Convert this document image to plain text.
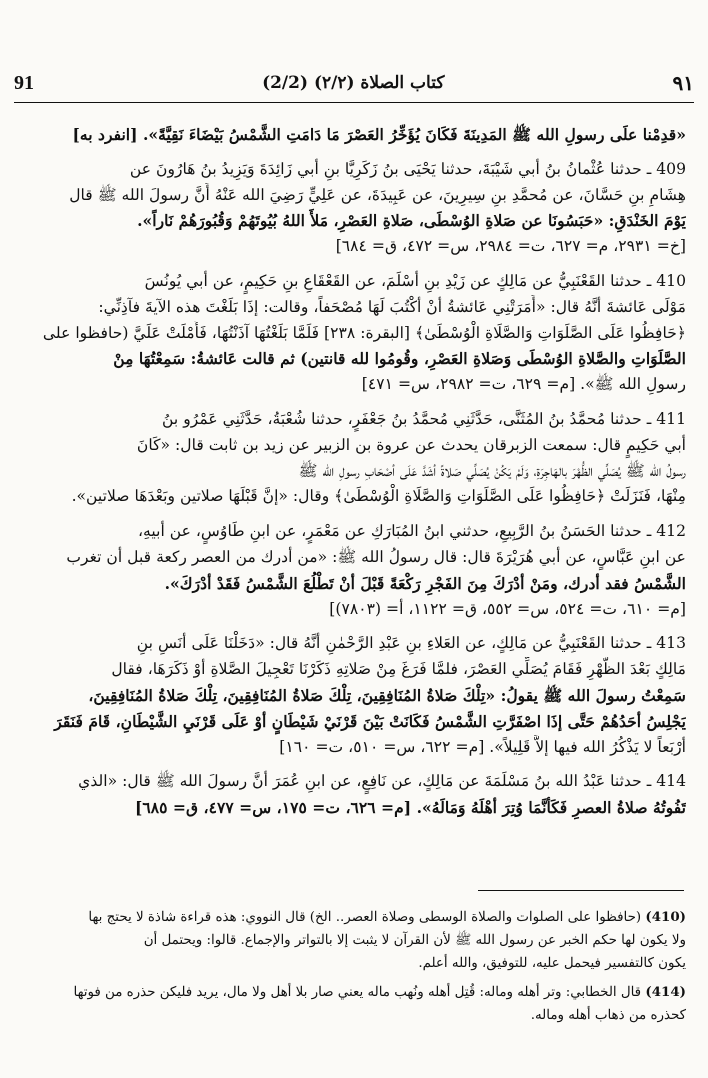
91	(2/2) كتاب الصلاة (٢/٢)	٩١
«قدِمْنا علَى رسولِ الله ﷺ المَدِينَةَ فَكَانَ يُؤَخِّرُ العَصْرَ مَا دَامَتِ الشَّمْسُ بَيْضَاءَ نَقِيَّةً». [انفرد به]
409 ـ حدثنا عُثْمانُ بنُ أبي شَيْبَةَ، حدثنا يَحْيَى بنُ زَكَرِيَّا بنِ أبي زَائِدَةَ وَيَزِيدُ بنُ هَارُونَ عن
هِشَامِ بنِ حَسَّانَ، عن مُحمَّدِ بنِ سِيرِينَ، عن عَبِيدَةَ، عن عَلِيٍّ رَضِيَ الله عَنْهُ أَنَّ رسولَ الله ﷺ قال
يَوْمَ الخَنْدَقِ: «حَبَسُونَا عن صَلاةِ الوُسْطَى، صَلاةِ العَصْرِ، مَلأَ اللهُ بُيُوتَهُمْ وَقُبُورَهُمْ نَاراً».
[خ= ٢٩٣١، م= ٦٢٧، ت= ٢٩٨٤، س= ٤٧٢، ق= ٦٨٤]
410 ـ حدثنا القَعْنَبِيُّ عن مَالِكٍ عن زَيْدِ بنِ أسْلَمَ، عن القَعْقَاعِ بنِ حَكِيمٍ، عن أبي يُونُسَ
مَوْلَى عَائشةَ أنَّهُ قال: «أَمَرَتْنِي عَائشةُ أنْ أكْتُبَ لَهَا مُصْحَفاً، وقالت: إذَا بَلَغْتَ هذه الآيةَ فآذِنِّي:
﴿حَافِظُوا عَلَى الصَّلَوَاتِ وَالصَّلَاةِ الْوُسْطَىٰ﴾ [البقرة: ٢٣٨] فَلَمَّا بَلَغْتُهَا آذَنْتُهَا، فَأَمْلَتْ عَلَيَّ (حافظوا على
الصَّلَوَاتِ والصَّلاةِ الوُسْطَى وَصَلاةِ العَصْرِ، وقُومُوا لله قانتين) ثم قالت عَائشةُ: سَمِعْتُهَا مِنْ
رسولِ الله ﷺ». [م= ٦٢٩، ت= ٢٩٨٢، س= ٤٧١]
411 ـ حدثنا مُحمَّدُ بنُ المُثَنَّى، حَدَّثَنِي مُحمَّدُ بنُ جَعْفَرٍ، حدثنا شُعْبَةُ، حَدَّثَنِي عَمْرُو بنُ
أبي حَكِيمٍ قال: سمعت الزبرقان يحدث عن عروة بن الزبير عن زيد بن ثابت قال: «كَانَ
رسولُ الله ﷺ يُصَلِّي الظُّهْرَ بالهَاجِرَةِ، وَلَمْ يَكُنْ يُصَلِّي صَلاةً أشَدَّ عَلَى أصْحَابِ رسولِ الله ﷺ
مِنْهَا، فَنَزَلَتْ ﴿حَافِظُوا عَلَى الصَّلَوَاتِ وَالصَّلَاةِ الْوُسْطَىٰ﴾ وقال: «إنَّ قَبْلَهَا صلاتين وبَعْدَهَا صلاتين».
412 ـ حدثنا الحَسَنُ بنُ الرَّبِيعِ، حدثني ابنُ المُبَارَكِ عن مَعْمَرٍ، عن ابنِ طَاوُسٍ، عن أبيهِ،
عن ابنِ عَبَّاسٍ، عن أبي هُرَيْرَةَ قال: قال رسولُ الله ﷺ: «من أدرك من العصر ركعة قبل أن تغرب
الشَّمْسُ فقد أدرك، ومَنْ أدْرَكَ مِنَ الفَجْرِ رَكْعَةً قَبْلَ أنْ تَطْلُعَ الشَّمْسُ فَقَدْ أدْرَكَ».
[م= ٦١٠، ت= ٥٢٤، س= ٥٥٢، ق= ١١٢٢، أ= (٧٨٠٣)]
413 ـ حدثنا القَعْنَبِيُّ عن مَالِكٍ، عن العَلاءِ بنِ عَبْدِ الرَّحْمٰنِ أنَّهُ قال: «دَخَلْنَا عَلَى أنَسِ بنِ
مَالِكٍ بَعْدَ الظُّهْرِ فَقَامَ يُصَلِّي العَصْرَ، فلمَّا فَرَغَ مِنْ صَلاتِهِ ذَكَرْنَا تَعْجِيلَ الصَّلاةِ أوْ ذَكَرَهَا، فقال
سَمِعْتُ رسولَ الله ﷺ يقولُ: «تِلْكَ صَلاةُ المُنَافِقِينَ، تِلْكَ صَلاةُ المُنَافِقِينَ، تِلْكَ صَلاةُ المُنَافِقِينَ،
يَجْلِسُ أحَدُهُمْ حَتَّى إذَا اصْفَرَّتِ الشَّمْسُ فَكَانَتْ بَيْنَ قَرْنَيْ شَيْطَانٍ أوْ عَلَى قَرْنَيِ الشَّيْطَانِ، قَامَ فَنَقَرَ
أرْبَعاً لا يَذْكُرُ الله فيها إلاَّ قَلِيلاً». [م= ٦٢٢، س= ٥١٠، ت= ١٦٠]
414 ـ حدثنا عَبْدُ الله بنُ مَسْلَمَةَ عن مَالِكٍ، عن نَافِعٍ، عن ابنِ عُمَرَ أنَّ رسولَ الله ﷺ قال: «الذي
تَفُوتُهُ صلاةُ العصرِ فَكَأنَّمَا وُتِرَ أهْلَهُ وَمَالَهُ». [م= ٦٢٦، ت= ١٧٥، س= ٤٧٧، ق= ٦٨٥]
(410) (حافظوا على الصلوات والصلاة الوسطى وصلاة العصر.. الخ) قال النووي: هذه قراءة شاذة لا يحتج بها
ولا يكون لها حكم الخبر عن رسول الله ﷺ لأن القرآن لا يثبت إلا بالتواتر والإجماع. قالوا: ويحتمل أن
يكون كالتفسير فيحمل عليه، للتوفيق، والله أعلم.
(414) قال الخطابي: وتر أهله وماله: قُتِل أهله ونُهب ماله يعني صار بلا أهل ولا مال، يريد فليكن حذره من فوتها
كحذره من ذهاب أهله وماله.
